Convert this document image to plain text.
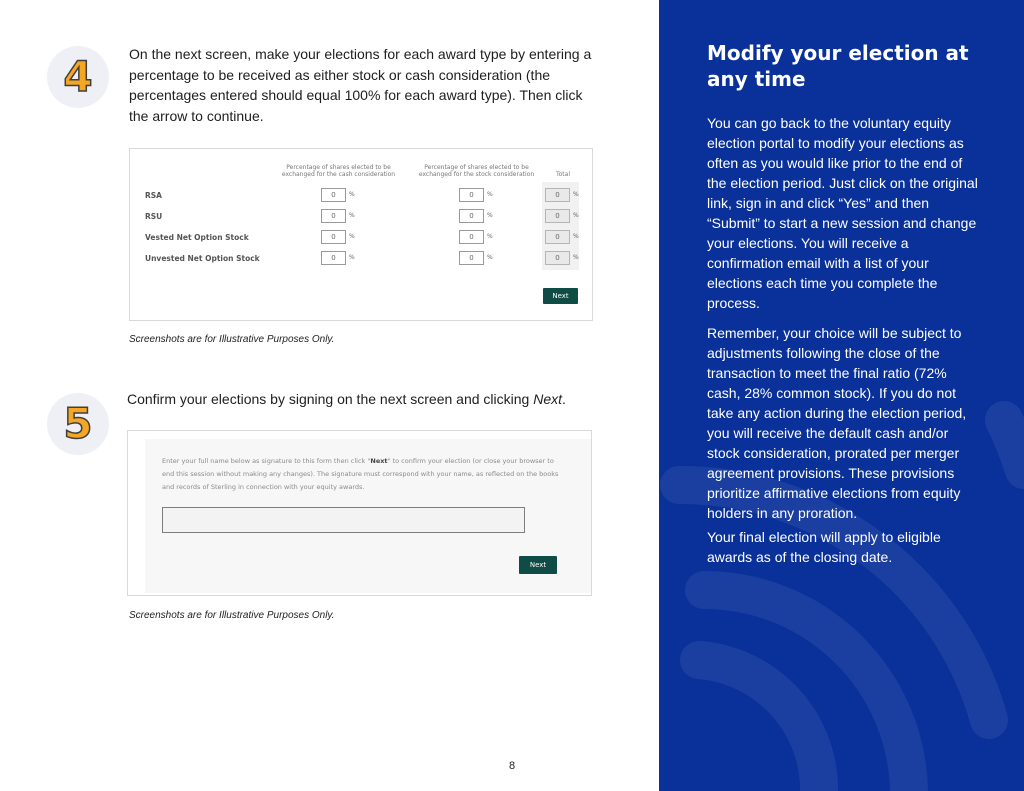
4	On the next screen, make your elections for each award type by entering a percentage to be received as either stock or cash consideration (the percentages entered should equal 100% for each award type). Then click the arrow to continue.

Percentage of shares elected to be exchanged for the cash consideration
Percentage of shares elected to be exchanged for the stock consideration	Total
RSA	0	%	0	%	0	%
RSU	0	%	0	%	0	%
Vested Net Option Stock	0	%	0	%	0	%
Unvested Net Option Stock	0	%	0	%	0	%
Next
Screenshots are for Illustrative Purposes Only.
5	Confirm your elections by signing on the next screen and clicking Next.

Enter your full name below as signature to this form then click "Next" to confirm your election (or close your browser to end this session without making any changes). The signature must correspond with your name, as reflected on the books and records of Sterling in connection with your equity awards.
Next
Screenshots are for Illustrative Purposes Only.
8
Modify your election at any time

You can go back to the voluntary equity election portal to modify your elections as often as you would like prior to the end of the election period. Just click on the original link, sign in and click “Yes” and then “Submit” to start a new session and change your elections. You will receive a confirmation email with a list of your elections each time you complete the process.

Remember, your choice will be subject to adjustments following the close of the transaction to meet the final ratio (72% cash, 28% common stock). If you do not take any action during the election period, you will receive the default cash and/or stock consideration, prorated per merger agreement provisions. These provisions prioritize affirmative elections from equity holders in any proration.

Your final election will apply to eligible awards as of the closing date.
